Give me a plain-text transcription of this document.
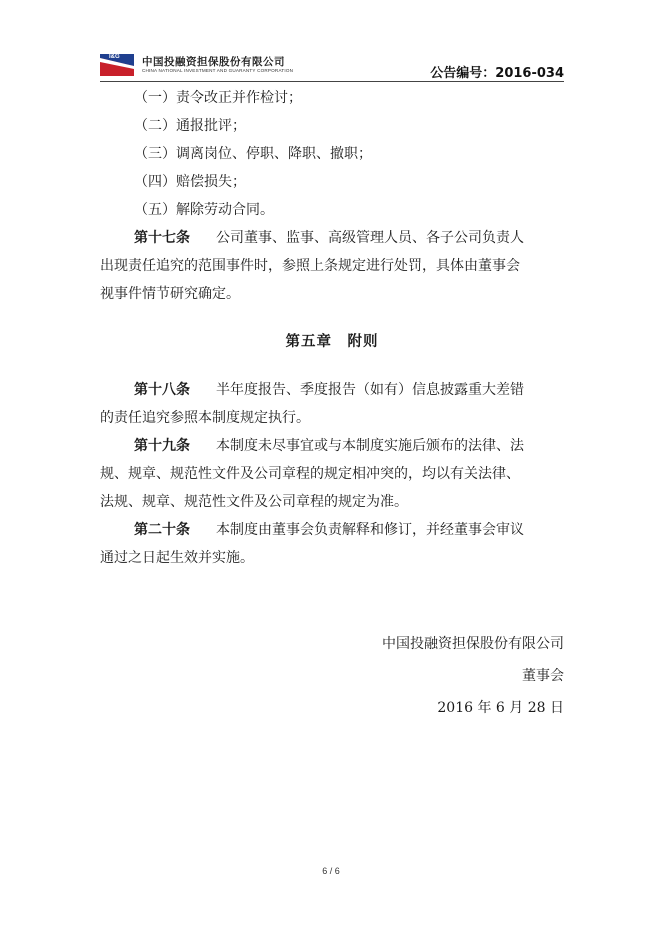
I&G 中国投融资担保股份有限公司
CHINA NATIONAL INVESTMENT AND GUARANTY CORPORATION	公告编号：2016-034
（一）责令改正并作检讨；
（二）通报批评；
（三）调离岗位、停职、降职、撤职；
（四）赔偿损失；
（五）解除劳动合同。
第十七条 公司董事、监事、高级管理人员、各子公司负责人
出现责任追究的范围事件时，参照上条规定进行处罚，具体由董事会
视事件情节研究确定。
第五章　附则
第十八条 半年度报告、季度报告（如有）信息披露重大差错
的责任追究参照本制度规定执行。
第十九条 本制度未尽事宜或与本制度实施后颁布的法律、法
规、规章、规范性文件及公司章程的规定相冲突的，均以有关法律、
法规、规章、规范性文件及公司章程的规定为准。
第二十条 本制度由董事会负责解释和修订，并经董事会审议
通过之日起生效并实施。
中国投融资担保股份有限公司
董事会
2016 年 6 月 28 日
6 / 6
